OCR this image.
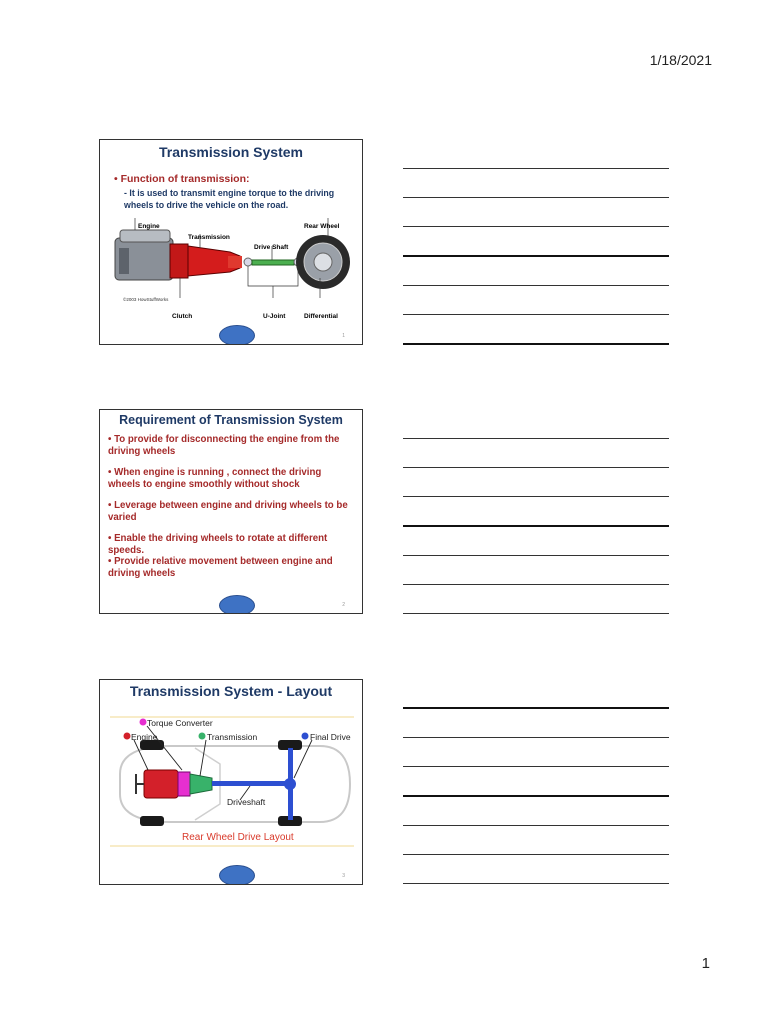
1/18/2021
Transmission System
• Function of transmission:
- It is used to transmit engine torque to the driving wheels to drive the vehicle on the road.
Engine
Transmission
Drive Shaft
Rear Wheel
©2003 HowStuffWorks
Clutch	U-Joint	Differential
1
Requirement of Transmission System
• To provide for disconnecting the engine from the driving wheels
• When engine is running , connect the driving wheels to engine smoothly without shock
• Leverage between engine and driving wheels to be varied
• Enable the driving wheels to rotate at different speeds.
• Provide relative movement between engine and driving wheels
2
Transmission System - Layout
Torque Converter
Engine	Transmission	Final Drive
Driveshaft
Rear Wheel Drive Layout
3
1
